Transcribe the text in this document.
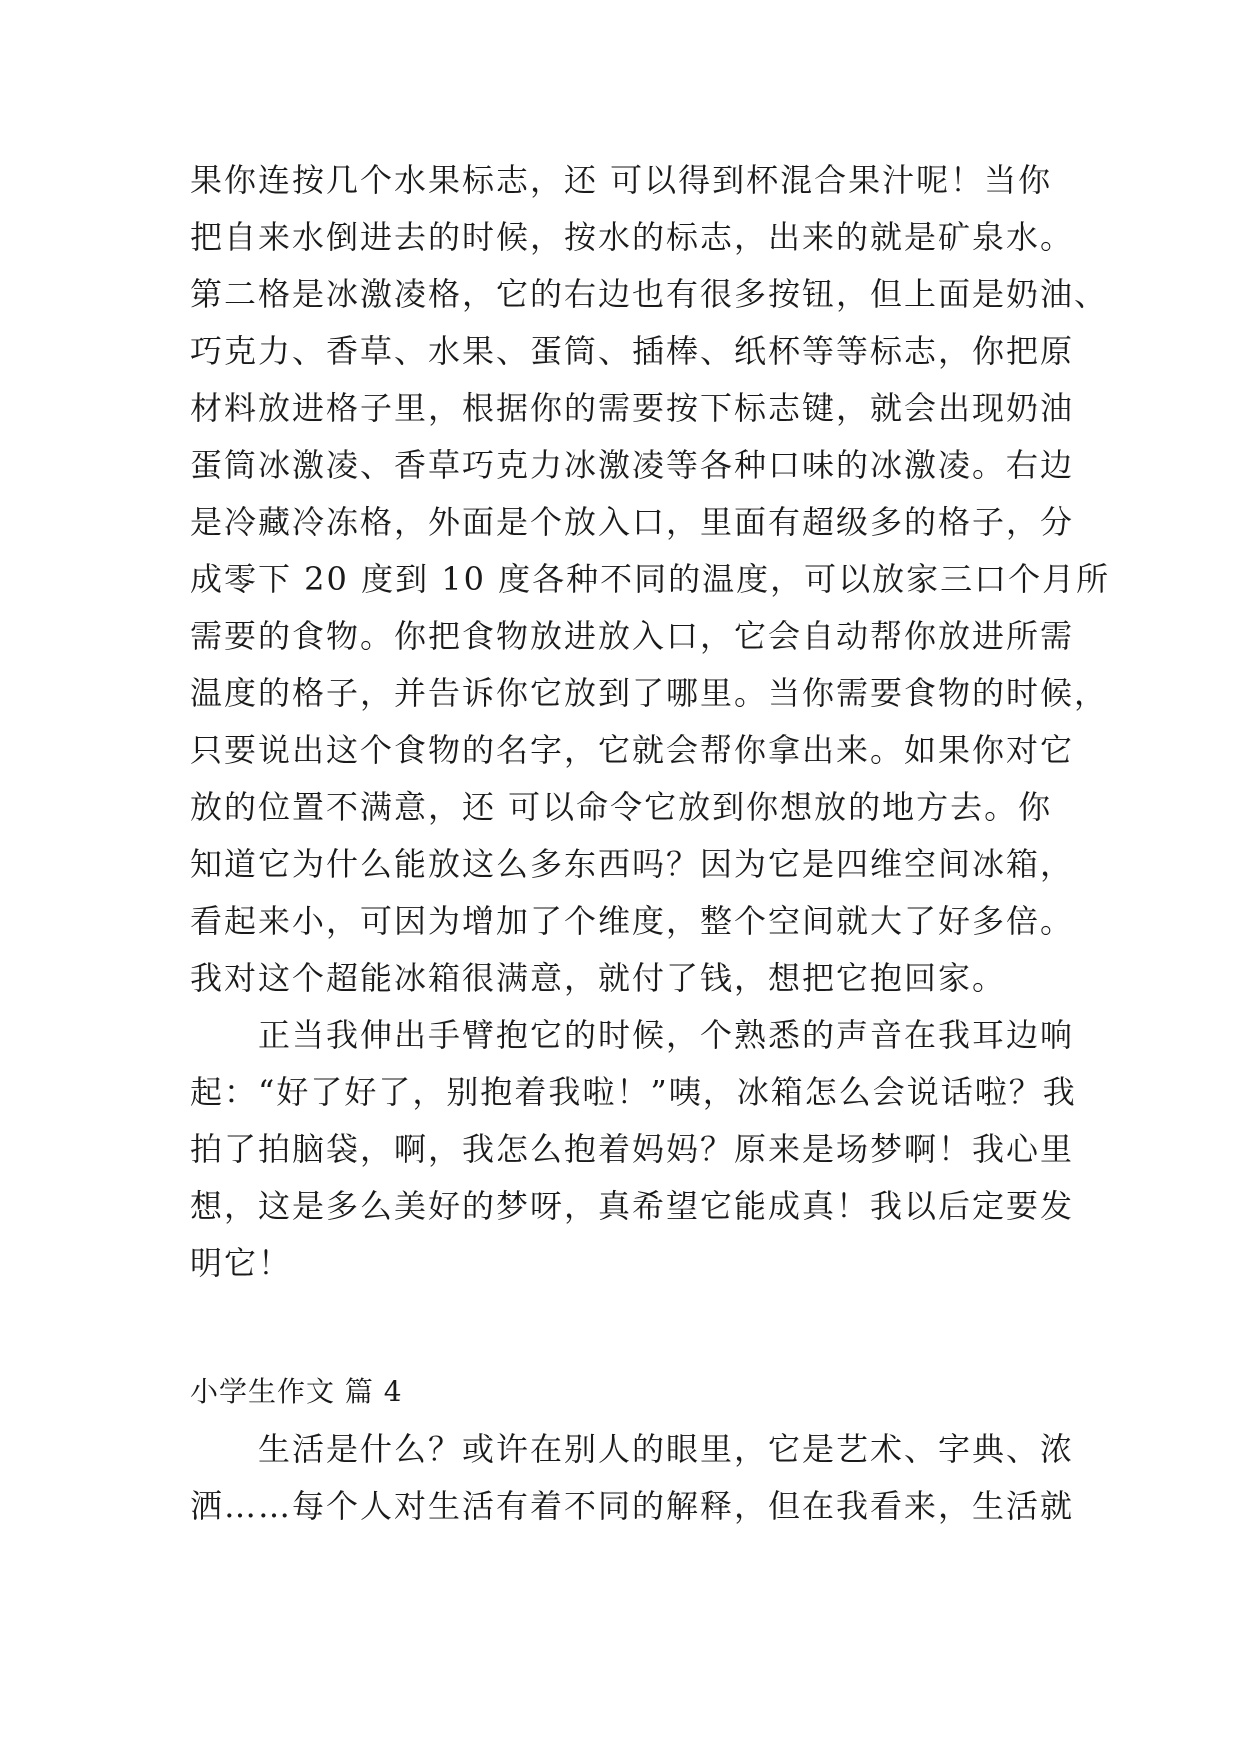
果你连按几个水果标志，还 可以得到杯混合果汁呢！当你
把自来水倒进去的时候，按水的标志，出来的就是矿泉水。
第二格是冰激凌格，它的右边也有很多按钮，但上面是奶油、
巧克力、香草、水果、蛋筒、插棒、纸杯等等标志，你把原
材料放进格子里，根据你的需要按下标志键，就会出现奶油
蛋筒冰激凌、香草巧克力冰激凌等各种口味的冰激凌。右边
是冷藏冷冻格，外面是个放入口，里面有超级多的格子，分
成零下 20 度到 10 度各种不同的温度，可以放家三口个月所
需要的食物。你把食物放进放入口，它会自动帮你放进所需
温度的格子，并告诉你它放到了哪里。当你需要食物的时候，
只要说出这个食物的名字，它就会帮你拿出来。如果你对它
放的位置不满意，还 可以命令它放到你想放的地方去。你
知道它为什么能放这么多东西吗？因为它是四维空间冰箱，
看起来小，可因为增加了个维度，整个空间就大了好多倍。
我对这个超能冰箱很满意，就付了钱，想把它抱回家。
　　正当我伸出手臂抱它的时候，个熟悉的声音在我耳边响
起：“好了好了，别抱着我啦！”咦，冰箱怎么会说话啦？我
拍了拍脑袋，啊，我怎么抱着妈妈？原来是场梦啊！我心里
想，这是多么美好的梦呀，真希望它能成真！我以后定要发
明它！
小学生作文 篇 4
　　生活是什么？或许在别人的眼里，它是艺术、字典、浓
洒……每个人对生活有着不同的解释，但在我看来，生活就
